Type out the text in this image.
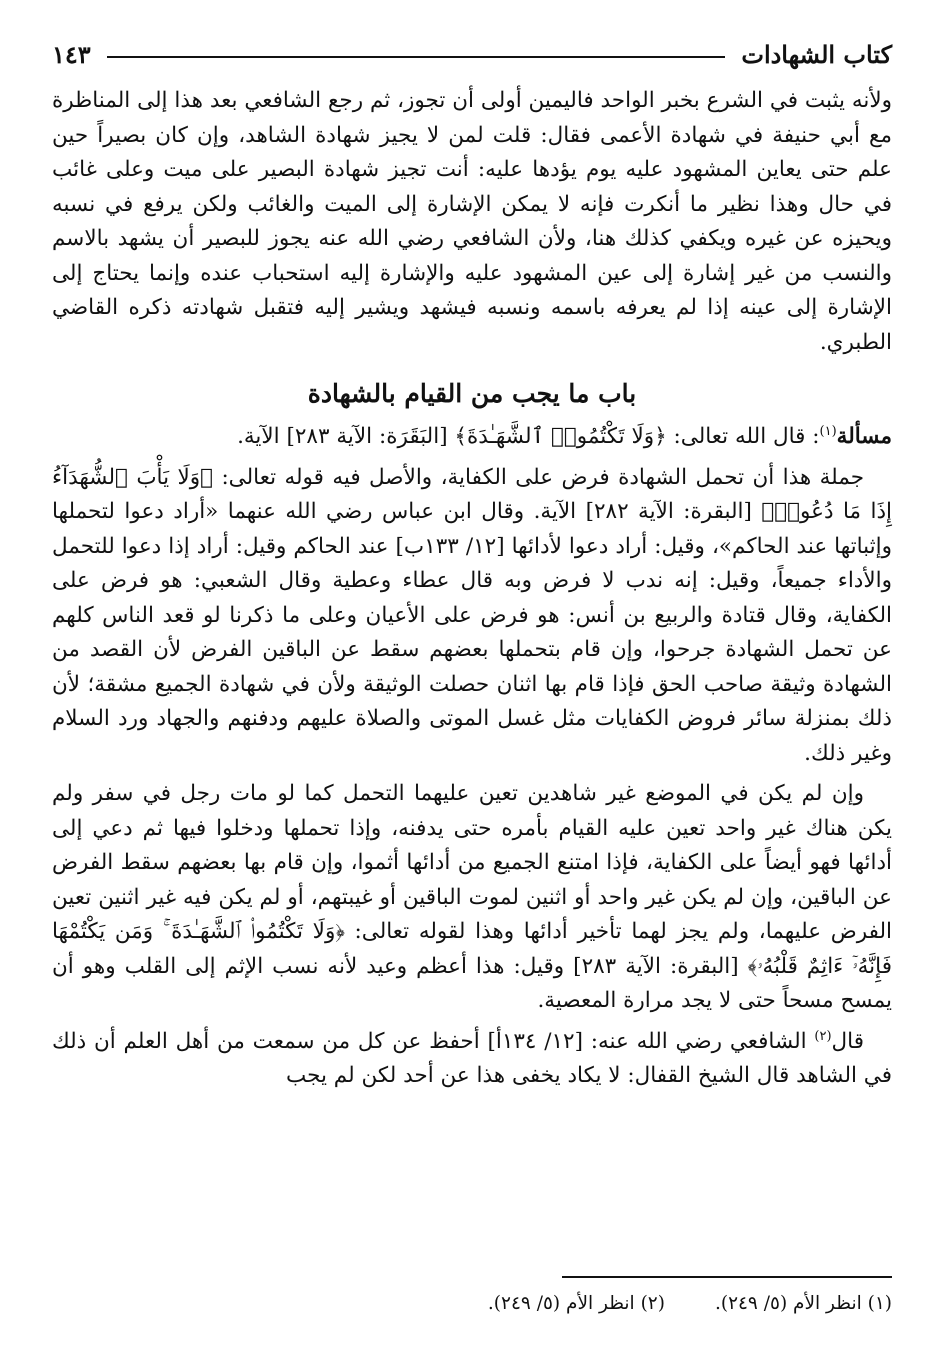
كتاب الشهادات
١٤٣

ولأنه يثبت في الشرع بخبر الواحد فاليمين أولى أن تجوز، ثم رجع الشافعي بعد هذا إلى المناظرة مع أبي حنيفة في شهادة الأعمى فقال: قلت لمن لا يجيز شهادة الشاهد، وإن كان بصيراً حين علم حتى يعاين المشهود عليه يوم يؤدها عليه: أنت تجيز شهادة البصير على ميت وعلى غائب في حال وهذا نظير ما أنكرت فإنه لا يمكن الإشارة إلى الميت والغائب ولكن يرفع في نسبه ويحيزه عن غيره ويكفي كذلك هنا، ولأن الشافعي رضي الله عنه يجوز للبصير أن يشهد بالاسم والنسب من غير إشارة إلى عين المشهود عليه والإشارة إليه استحباب عنده وإنما يحتاج إلى الإشارة إلى عينه إذا لم يعرفه باسمه ونسبه فيشهد ويشير إليه فتقبل شهادته ذكره القاضي الطبري.

باب ما يجب من القيام بالشهادة

مسألة$^{(١)}$: قال الله تعالى: ﴿وَلَا تَكْتُمُوا۟ ٱلشَّهَـٰدَةَ﴾ [البَقَرَة: الآية ٢٨٣] الآية.

جملة هذا أن تحمل الشهادة فرض على الكفاية، والأصل فيه قوله تعالى: ﴿وَلَا يَأْبَ ٱلشُّهَدَآءُ إِذَا مَا دُعُوا۟﴾ [البقرة: الآية ٢٨٢] الآية. وقال ابن عباس رضي الله عنهما «أراد دعوا لتحملها وإثباتها عند الحاكم»، وقيل: أراد دعوا لأدائها [١٢/ ١٣٣ب] عند الحاكم وقيل: أراد إذا دعوا للتحمل والأداء جميعاً، وقيل: إنه ندب لا فرض وبه قال عطاء وعطية وقال الشعبي: هو فرض على الكفاية، وقال قتادة والربيع بن أنس: هو فرض على الأعيان وعلى ما ذكرنا لو قعد الناس كلهم عن تحمل الشهادة جرحوا، وإن قام بتحملها بعضهم سقط عن الباقين الفرض لأن القصد من الشهادة وثيقة صاحب الحق فإذا قام بها اثنان حصلت الوثيقة ولأن في شهادة الجميع مشقة؛ لأن ذلك بمنزلة سائر فروض الكفايات مثل غسل الموتى والصلاة عليهم ودفنهم والجهاد ورد السلام وغير ذلك.

وإن لم يكن في الموضع غير شاهدين تعين عليهما التحمل كما لو مات رجل في سفر ولم يكن هناك غير واحد تعين عليه القيام بأمره حتى يدفنه، وإذا تحملها ودخلوا فيها ثم دعي إلى أدائها فهو أيضاً على الكفاية، فإذا امتنع الجميع من أدائها أثموا، وإن قام بها بعضهم سقط الفرض عن الباقين، وإن لم يكن غير واحد أو اثنين لموت الباقين أو غيبتهم، أو لم يكن فيه غير اثنين تعين الفرض عليهما، ولم يجز لهما تأخير أدائها وهذا لقوله تعالى: ﴿وَلَا تَكْتُمُوا۟ ٱلشَّهَـٰدَةَ ۚ وَمَن يَكْتُمْهَا فَإِنَّهُۥٓ ءَاثِمٌ قَلْبُهُۥ﴾ [البقرة: الآية ٢٨٣] وقيل: هذا أعظم وعيد لأنه نسب الإثم إلى القلب وهو أن يمسح مسحاً حتى لا يجد مرارة المعصية.

قال$^{(٢)}$ الشافعي رضي الله عنه: [١٢/ ١٣٤أ] أحفظ عن كل من سمعت من أهل العلم أن ذلك في الشاهد قال الشيخ القفال: لا يكاد يخفى هذا عن أحد لكن لم يجب

(١) انظر الأم (٥/ ٢٤٩).
(٢) انظر الأم (٥/ ٢٤٩).
